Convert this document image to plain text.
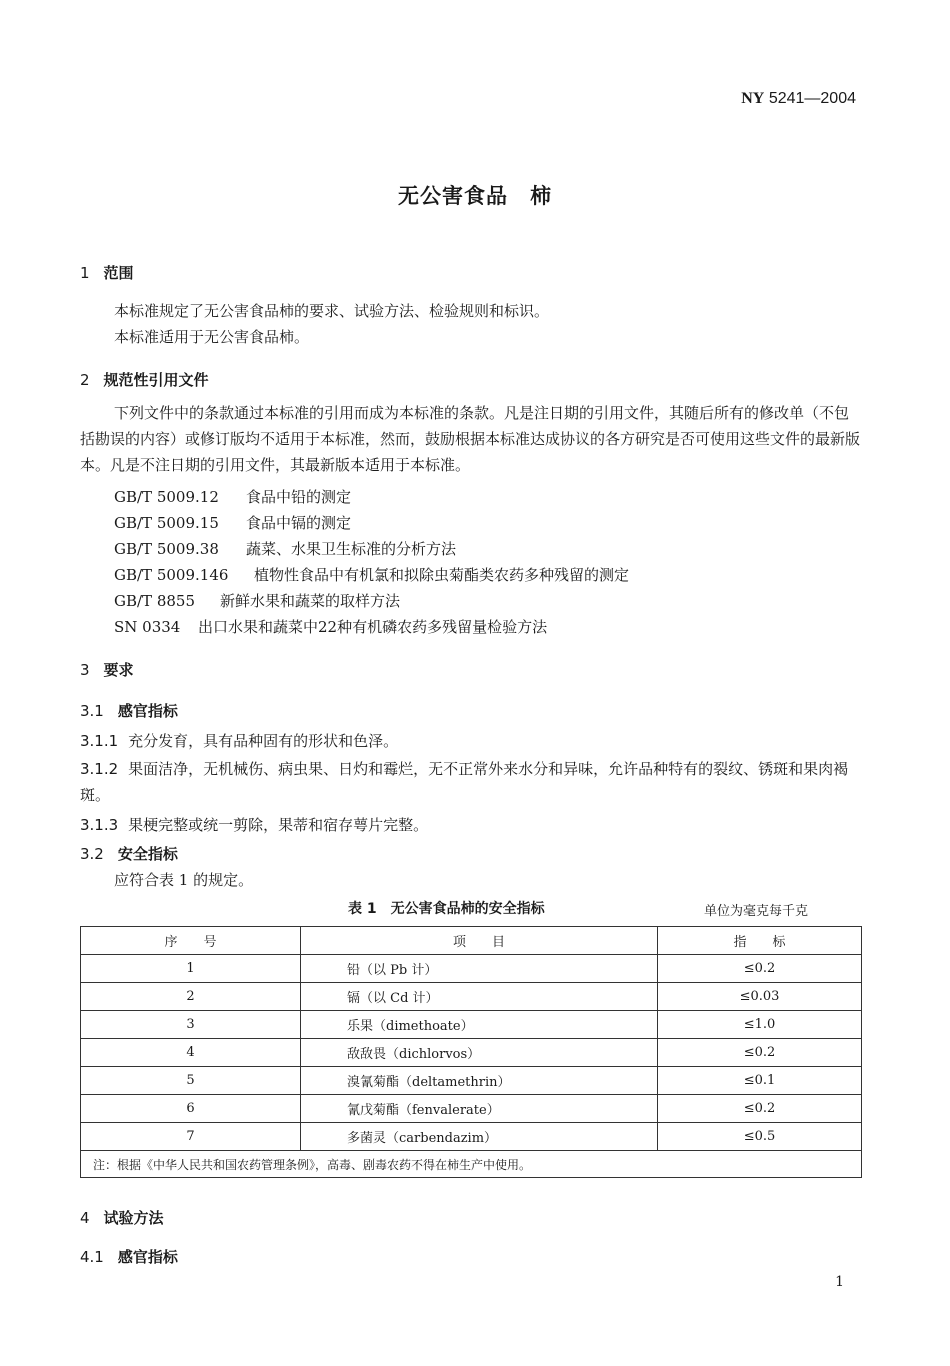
NY 5241—2004
无公害食品　柿
1 范围
本标准规定了无公害食品柿的要求、试验方法、检验规则和标识。
本标准适用于无公害食品柿。
2 规范性引用文件
下列文件中的条款通过本标准的引用而成为本标准的条款。凡是注日期的引用文件，其随后所有的修改单（不包括勘误的内容）或修订版均不适用于本标准，然而，鼓励根据本标准达成协议的各方研究是否可使用这些文件的最新版本。凡是不注日期的引用文件，其最新版本适用于本标准。
GB/T 5009.12 食品中铅的测定
GB/T 5009.15 食品中镉的测定
GB/T 5009.38 蔬菜、水果卫生标准的分析方法
GB/T 5009.146 植物性食品中有机氯和拟除虫菊酯类农药多种残留的测定
GB/T 8855 新鲜水果和蔬菜的取样方法
SN 0334 出口水果和蔬菜中22种有机磷农药多残留量检验方法
3 要求
3.1 感官指标
3.1.1 充分发育，具有品种固有的形状和色泽。
3.1.2 果面洁净，无机械伤、病虫果、日灼和霉烂，无不正常外来水分和异味，允许品种特有的裂纹、锈斑和果肉褐斑。
3.1.3 果梗完整或统一剪除，果蒂和宿存萼片完整。
3.2 安全指标
应符合表 1 的规定。
表 1　无公害食品柿的安全指标	单位为毫克每千克
序　　号	项　　目	指　　标
1	铅（以 Pb 计）	≤0.2
2	镉（以 Cd 计）	≤0.03
3	乐果（dimethoate）	≤1.0
4	敌敌畏（dichlorvos）	≤0.2
5	溴氰菊酯（deltamethrin）	≤0.1
6	氰戊菊酯（fenvalerate）	≤0.2
7	多菌灵（carbendazim）	≤0.5
注：根据《中华人民共和国农药管理条例》，高毒、剧毒农药不得在柿生产中使用。		
4 试验方法
4.1 感官指标
1
